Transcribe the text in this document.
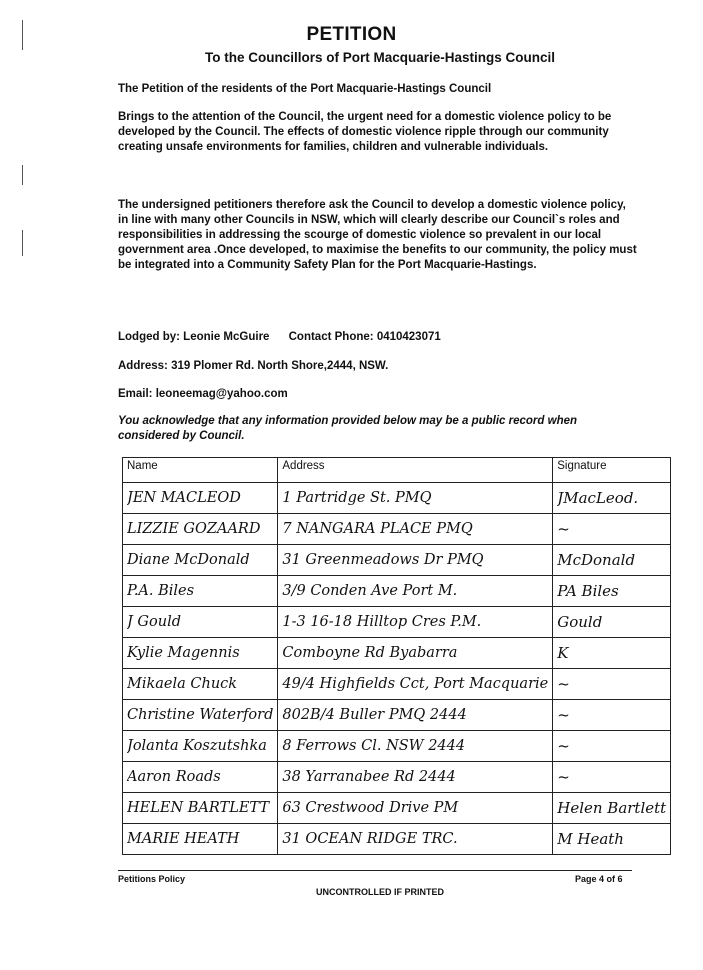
PETITION
To the Councillors of Port Macquarie-Hastings Council
The Petition of the residents of the Port Macquarie-Hastings Council
Brings to the attention of the Council, the urgent need for a domestic violence policy to be developed by the Council. The effects of domestic violence ripple through our community creating unsafe environments for families, children and vulnerable individuals.
The undersigned petitioners therefore ask the Council to develop a domestic violence policy, in line with many other Councils in NSW, which will clearly describe our Council`s roles and responsibilities in addressing the scourge of domestic violence so prevalent in our local government area .Once developed, to maximise the benefits to our community, the policy must be integrated into a Community Safety Plan for the Port Macquarie-Hastings.
Lodged by: Leonie McGuire Contact Phone: 0410423071
Address: 319 Plomer Rd. North Shore,2444, NSW.
Email: leoneemag@yahoo.com
You acknowledge that any information provided below may be a public record when considered by Council.
Name	Address	Signature

JEN MACLEOD	1 Partridge St. PMQ	JMacLeod.

LIZZIE GOZAARD	7 NANGARA PLACE PMQ	~

Diane McDonald	31 Greenmeadows Dr PMQ	McDonald

P.A. Biles	3/9 Conden Ave Port M.	PA Biles

J Gould	1-3 16-18 Hilltop Cres P.M.	Gould

Kylie Magennis	Comboyne Rd Byabarra	K

Mikaela Chuck	49/4 Highfields Cct, Port Macquarie	~

Christine Waterford	802B/4 Buller PMQ 2444	~

Jolanta Koszutshka	8 Ferrows Cl. NSW 2444	~

Aaron Roads	38 Yarranabee Rd 2444	~

HELEN BARTLETT	63 Crestwood Drive PM	Helen Bartlett

MARIE HEATH	31 OCEAN RIDGE TRC.	M Heath
Petitions Policy	Page 4 of 6
UNCONTROLLED IF PRINTED
